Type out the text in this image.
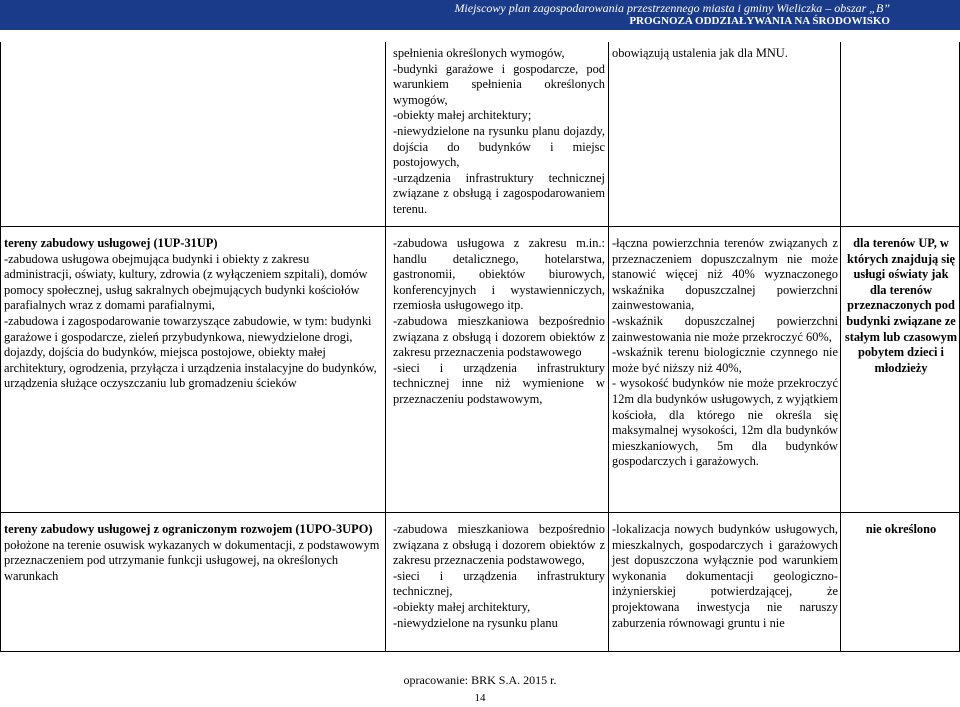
Miejscowy plan zagospodarowania przestrzennego miasta i gminy Wieliczka – obszar „B”
PROGNOZA ODDZIAŁYWANIA NA ŚRODOWISKO
spełnienia określonych wymogów,
-budynki garażowe i gospodarcze, pod warunkiem spełnienia określonych wymogów,
-obiekty małej architektury;
-niewydzielone na rysunku planu dojazdy, dojścia do budynków i miejsc postojowych,
-urządzenia infrastruktury technicznej związane z obsługą i zagospodarowaniem terenu.
obowiązują ustalenia jak dla MNU.
tereny zabudowy usługowej (1UP-31UP)
-zabudowa usługowa obejmująca budynki i obiekty z zakresu administracji, oświaty, kultury, zdrowia (z wyłączeniem szpitali), domów pomocy społecznej, usług sakralnych obejmujących budynki kościołów parafialnych wraz z domami parafialnymi,
-zabudowa i zagospodarowanie towarzyszące zabudowie, w tym: budynki garażowe i gospodarcze, zieleń przybudynkowa, niewydzielone drogi, dojazdy, dojścia do budynków, miejsca postojowe, obiekty małej architektury, ogrodzenia, przyłącza i urządzenia instalacyjne do budynków, urządzenia służące oczyszczaniu lub gromadzeniu ścieków
-zabudowa usługowa z zakresu m.in.: handlu detalicznego, hotelarstwa, gastronomii, obiektów biurowych, konferencyjnych i wystawienniczych, rzemiosła usługowego itp.
-zabudowa mieszkaniowa bezpośrednio związana z obsługą i dozorem obiektów z zakresu przeznaczenia podstawowego
-sieci i urządzenia infrastruktury technicznej inne niż wymienione w przeznaczeniu podstawowym,
-łączna powierzchnia terenów związanych z przeznaczeniem dopuszczalnym nie może stanowić więcej niż 40% wyznaczonego wskaźnika dopuszczalnej powierzchni zainwestowania,
-wskaźnik dopuszczalnej powierzchni zainwestowania nie może przekroczyć 60%,
-wskaźnik terenu biologicznie czynnego nie może być niższy niż 40%,
- wysokość budynków nie może przekroczyć 12m dla budynków usługowych, z wyjątkiem kościoła, dla którego nie określa się maksymalnej wysokości, 12m dla budynków mieszkaniowych, 5m dla budynków gospodarczych i garażowych.
dla terenów UP, w których znajdują się usługi oświaty jak dla terenów przeznaczonych pod budynki związane ze stałym lub czasowym pobytem dzieci i młodzieży
tereny zabudowy usługowej z ograniczonym rozwojem (1UPO-3UPO)
położone na terenie osuwisk wykazanych w dokumentacji, z podstawowym przeznaczeniem pod utrzymanie funkcji usługowej, na określonych warunkach
-zabudowa mieszkaniowa bezpośrednio związana z obsługą i dozorem obiektów z zakresu przeznaczenia podstawowego,
-sieci i urządzenia infrastruktury technicznej,
-obiekty małej architektury,
-niewydzielone na rysunku planu
-lokalizacja nowych budynków usługowych, mieszkalnych, gospodarczych i garażowych jest dopuszczona wyłącznie pod warunkiem wykonania dokumentacji geologiczno-inżynierskiej potwierdzającej, że projektowana inwestycja nie naruszy zaburzenia równowagi gruntu i nie
nie określono
opracowanie: BRK S.A. 2015 r.
14
